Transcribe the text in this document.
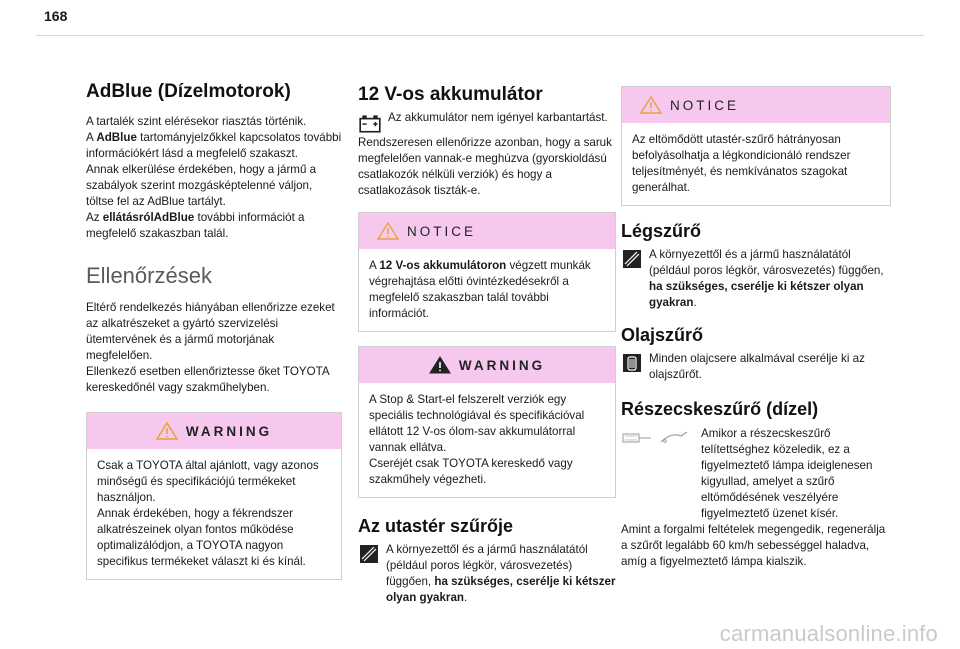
168
AdBlue (Dízelmotorok)

A tartalék szint elérésekor riasztás történik.

A AdBlue tartományjelzőkkel kapcsolatos további információkért lásd a megfelelő szakaszt.

Annak elkerülése érdekében, hogy a jármű a szabályok szerint mozgásképtelenné váljon, töltse fel az AdBlue tartályt.

Az ellátásrólAdBlue további információt a megfelelő szakaszban talál.

Ellenőrzések

Eltérő rendelkezés hiányában ellenőrizze ezeket az alkatrészeket a gyártó szervizelési ütemtervének és a jármű motorjának megfelelően.

Ellenkező esetben ellenőriztesse őket TOYOTA kereskedőnél vagy szakműhelyben.

WARNING

Csak a TOYOTA által ajánlott, vagy azonos minőségű és specifikációjú termékeket használjon.

Annak érdekében, hogy a fékrendszer alkatrészeinek olyan fontos működése optimalizálódjon, a TOYOTA nagyon specifikus termékeket választ ki és kínál.

12 V-os akkumulátor

Az akkumulátor nem igényel karbantartást.

Rendszeresen ellenőrizze azonban, hogy a saruk megfelelően vannak-e meghúzva (gyorskioldású csatlakozók nélküli verziók) és hogy a csatlakozások tiszták-e.

NOTICE

A 12 V-os akkumulátoron végzett munkák végrehajtása előtti óvintézkedésekről a megfelelő szakaszban talál további információt.

WARNING

A Stop & Start-el felszerelt verziók egy speciális technológiával és specifikációval ellátott 12 V-os ólom-sav akkumulátorral vannak ellátva.

Cseréjét csak TOYOTA kereskedő vagy szakműhely végezheti.

Az utastér szűrője

A környezettől és a jármű használatától (például poros légkör, városvezetés) függően, ha szükséges, cserélje ki kétszer olyan gyakran.

NOTICE

Az eltömődött utastér-szűrő hátrányosan befolyásolhatja a légkondicionáló rendszer teljesítményét, és nemkívánatos szagokat generálhat.

Légszűrő

A környezettől és a jármű használatától (például poros légkör, városvezetés) függően, ha szükséges, cserélje ki kétszer olyan gyakran.

Olajszűrő

Minden olajcsere alkalmával cserélje ki az olajszűrőt.

Részecskeszűrő (dízel)

Amikor a részecskeszűrő telítettséghez közeledik, ez a figyelmeztető lámpa ideiglenesen kigyullad, amelyet a szűrő eltömődésének veszélyére figyelmeztető üzenet kísér.

Amint a forgalmi feltételek megengedik, regenerálja a szűrőt legalább 60 km/h sebességgel haladva, amíg a figyelmeztető lámpa kialszik.

carmanualsonline.info
